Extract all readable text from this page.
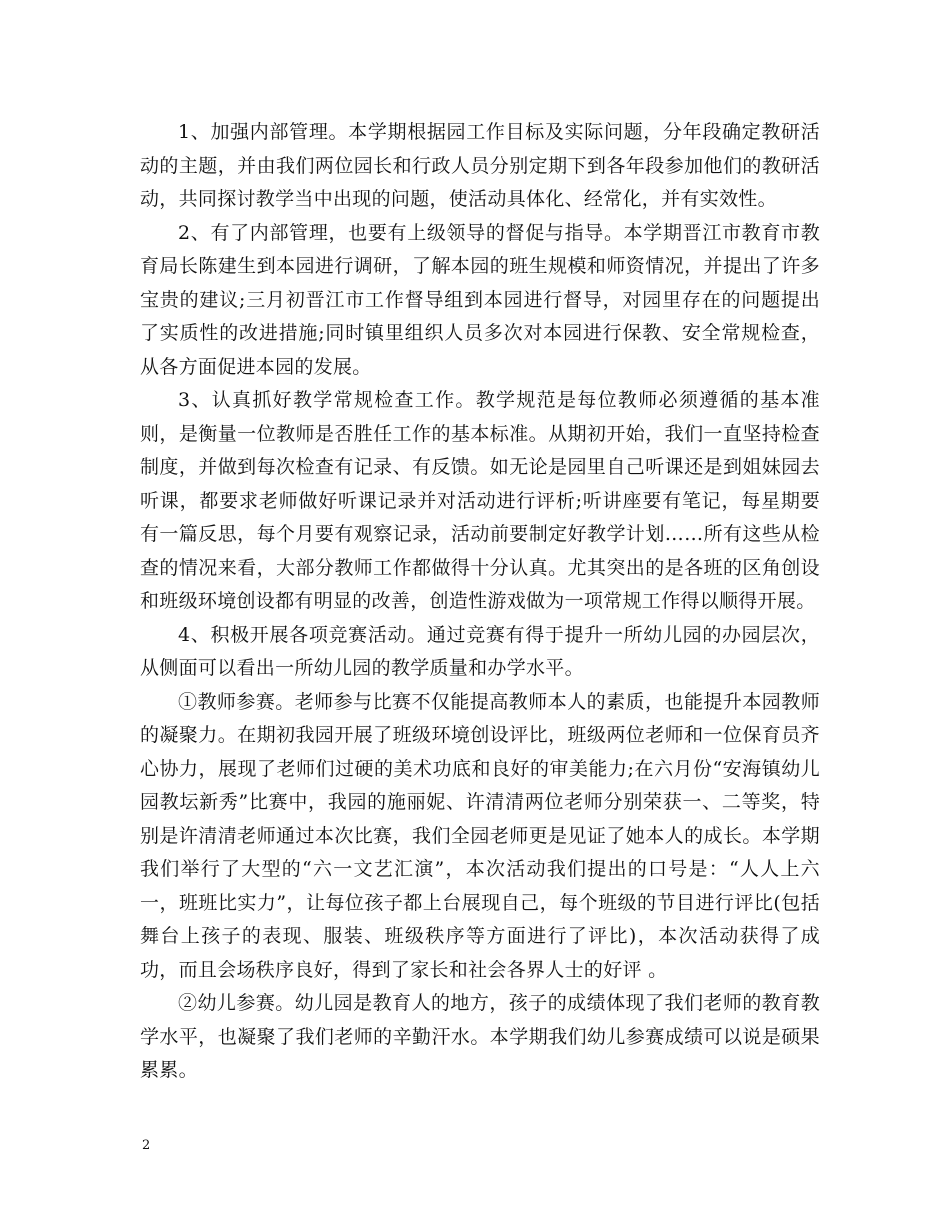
1、加强内部管理。本学期根据园工作目标及实际问题，分年段确定教研活动的主题，并由我们两位园长和行政人员分别定期下到各年段参加他们的教研活动，共同探讨教学当中出现的问题，使活动具体化、经常化，并有实效性。

2、有了内部管理，也要有上级领导的督促与指导。本学期晋江市教育市教育局长陈建生到本园进行调研，了解本园的班生规模和师资情况，并提出了许多宝贵的建议;三月初晋江市工作督导组到本园进行督导，对园里存在的问题提出了实质性的改进措施;同时镇里组织人员多次对本园进行保教、安全常规检查，从各方面促进本园的发展。

3、认真抓好教学常规检查工作。教学规范是每位教师必须遵循的基本准则，是衡量一位教师是否胜任工作的基本标准。从期初开始，我们一直坚持检查制度，并做到每次检查有记录、有反馈。如无论是园里自己听课还是到姐妹园去听课，都要求老师做好听课记录并对活动进行评析;听讲座要有笔记，每星期要有一篇反思，每个月要有观察记录，活动前要制定好教学计划……所有这些从检查的情况来看，大部分教师工作都做得十分认真。尤其突出的是各班的区角创设和班级环境创设都有明显的改善，创造性游戏做为一项常规工作得以顺得开展。

4、积极开展各项竞赛活动。通过竞赛有得于提升一所幼儿园的办园层次，从侧面可以看出一所幼儿园的教学质量和办学水平。

①教师参赛。老师参与比赛不仅能提高教师本人的素质，也能提升本园教师的凝聚力。在期初我园开展了班级环境创设评比，班级两位老师和一位保育员齐心协力，展现了老师们过硬的美术功底和良好的审美能力;在六月份“安海镇幼儿园教坛新秀”比赛中，我园的施丽妮、许清清两位老师分别荣获一、二等奖，特别是许清清老师通过本次比赛，我们全园老师更是见证了她本人的成长。本学期我们举行了大型的“六一文艺汇演”，本次活动我们提出的口号是：“人人上六一，班班比实力”，让每位孩子都上台展现自己，每个班级的节目进行评比(包括舞台上孩子的表现、服装、班级秩序等方面进行了评比)，本次活动获得了成功，而且会场秩序良好，得到了家长和社会各界人士的好评 。

②幼儿参赛。幼儿园是教育人的地方，孩子的成绩体现了我们老师的教育教学水平，也凝聚了我们老师的辛勤汗水。本学期我们幼儿参赛成绩可以说是硕果累累。

2
